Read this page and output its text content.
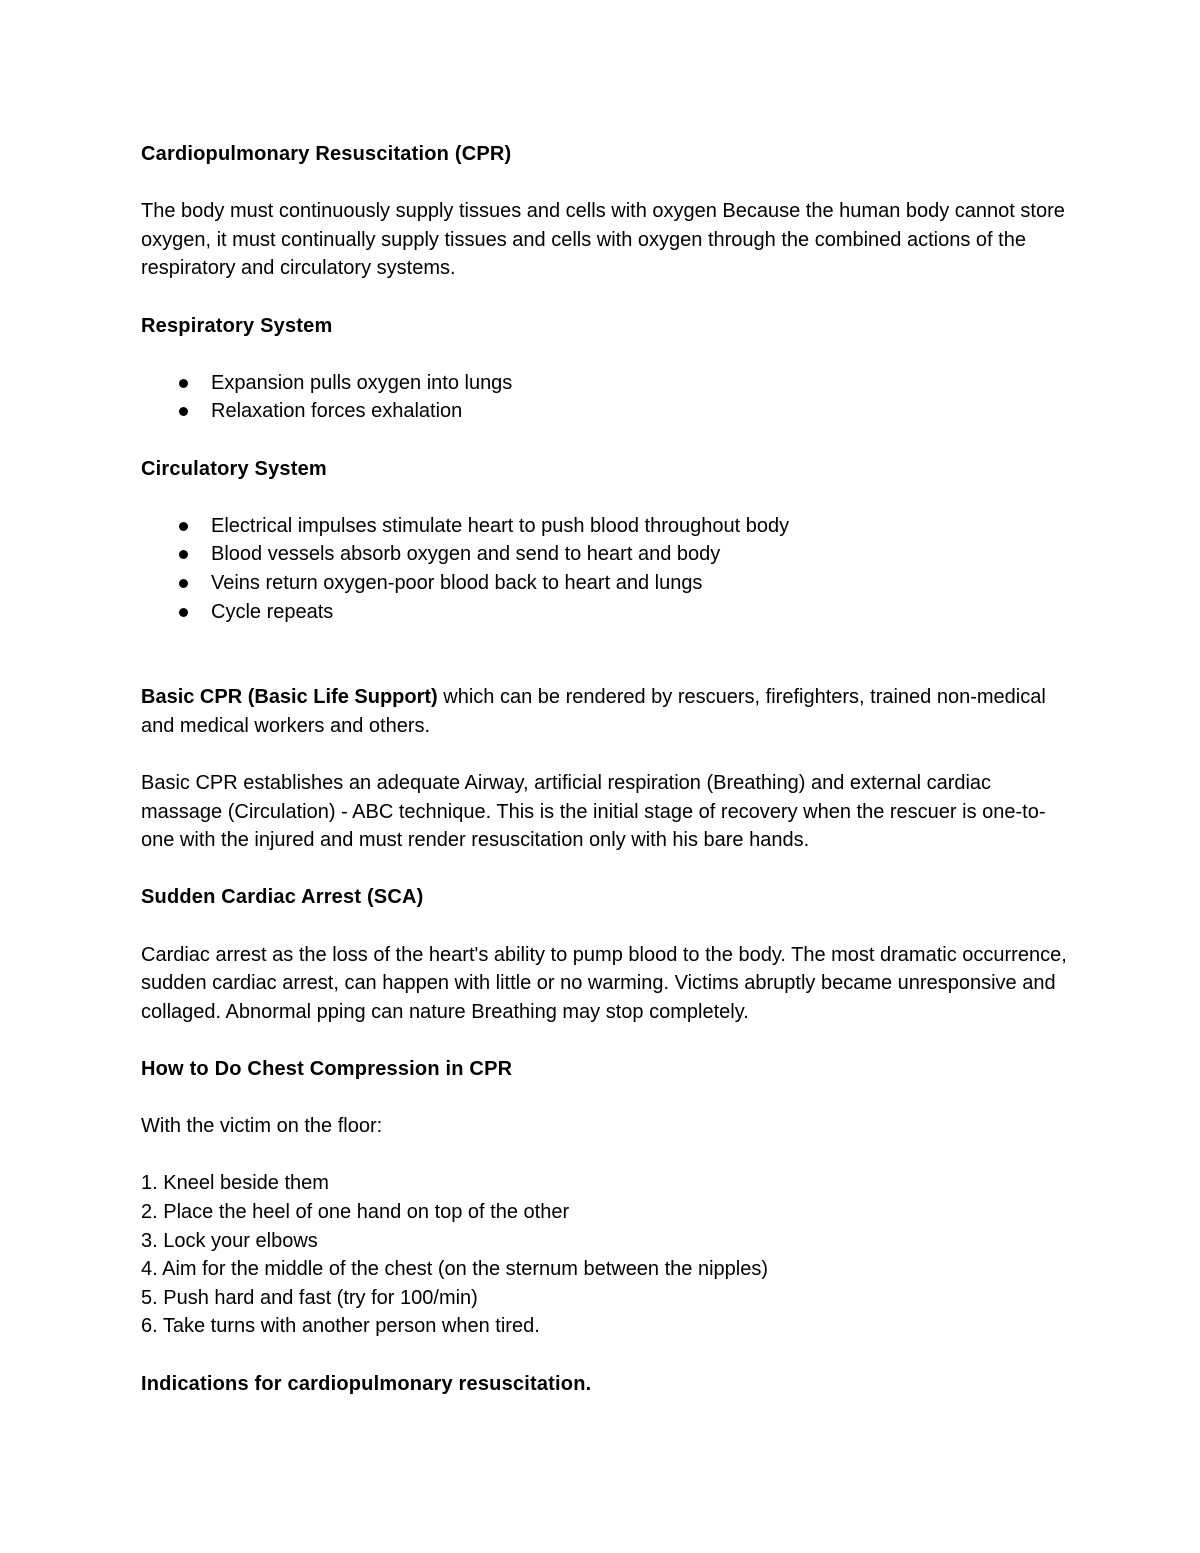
Cardiopulmonary Resuscitation (CPR)

The body must continuously supply tissues and cells with oxygen Because the human body cannot store oxygen, it must continually supply tissues and cells with oxygen through the combined actions of the respiratory and circulatory systems.

Respiratory System

Expansion pulls oxygen into lungs
Relaxation forces exhalation

Circulatory System

Electrical impulses stimulate heart to push blood throughout body
Blood vessels absorb oxygen and send to heart and body
Veins return oxygen-poor blood back to heart and lungs
Cycle repeats

Basic CPR (Basic Life Support) which can be rendered by rescuers, firefighters, trained non-medical and medical workers and others.

Basic CPR establishes an adequate Airway, artificial respiration (Breathing) and external cardiac massage (Circulation) - ABC technique. This is the initial stage of recovery when the rescuer is one-to-one with the injured and must render resuscitation only with his bare hands.

Sudden Cardiac Arrest (SCA)

Cardiac arrest as the loss of the heart's ability to pump blood to the body. The most dramatic occurrence, sudden cardiac arrest, can happen with little or no warming. Victims abruptly became unresponsive and collaged. Abnormal pping can nature Breathing may stop completely.

How to Do Chest Compression in CPR

With the victim on the floor:

1. Kneel beside them
2. Place the heel of one hand on top of the other
3. Lock your elbows
4. Aim for the middle of the chest (on the sternum between the nipples)
5. Push hard and fast (try for 100/min)
6. Take turns with another person when tired.

Indications for cardiopulmonary resuscitation.
